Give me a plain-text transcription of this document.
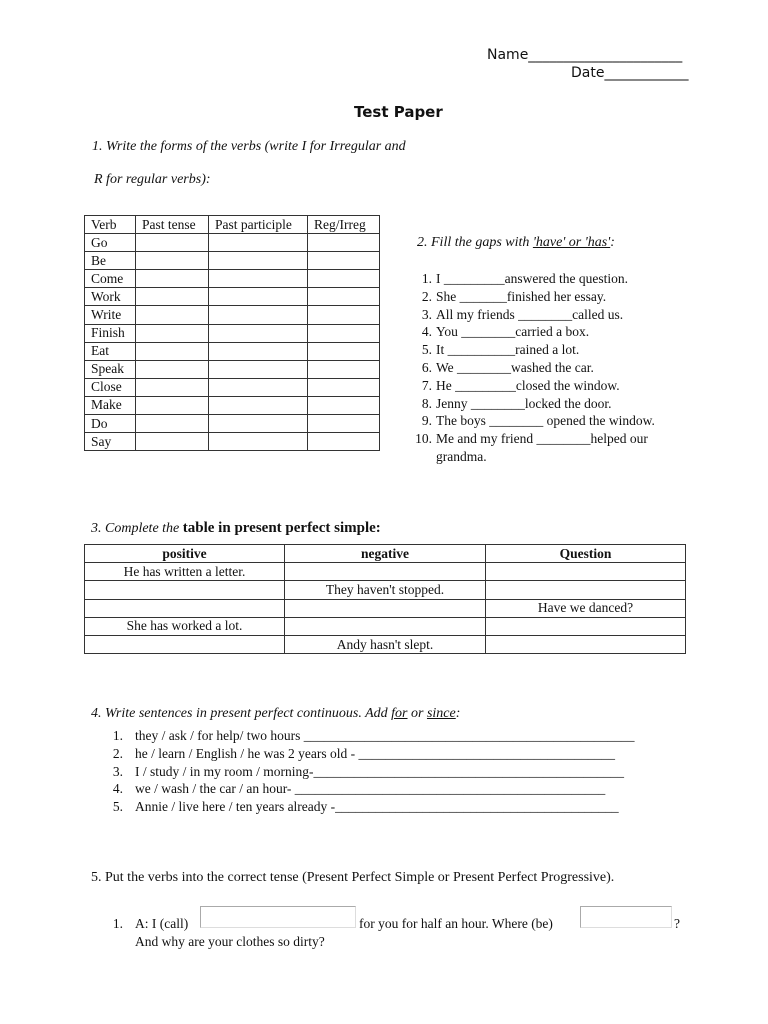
Name______________________
Date____________
Test Paper
1. Write the forms of the verbs (write I for Irregular and
R for regular verbs):
Verb	Past tense	Past participle	Reg/Irreg
Go			
Be			
Come			
Work			
Write			
Finish			
Eat			
Speak			
Close			
Make			
Do			
Say			
2. Fill the gaps with 'have' or 'has':
1. I _________answered the question.
2. She _______finished her essay.
3. All my friends ________called us.
4. You ________carried a box.
5. It __________rained a lot.
6. We ________washed the car.
7. He _________closed the window.
8. Jenny ________locked the door.
9. The boys ________ opened the window.
10. Me and my friend ________helped our
grandma.
3. Complete the table in present perfect simple:
positive	negative	Question
He has written a letter.		
	They haven't stopped.	
		Have we danced?
She has worked a lot.		
	Andy hasn't slept.	
4. Write sentences in present perfect continuous. Add for or since:
1. they / ask / for help/ two hours _________________________________________________
2. he / learn / English / he was 2 years old - ______________________________________
3. I / study / in my room / morning-______________________________________________
4. we / wash / the car / an hour- ______________________________________________
5. Annie / live here / ten years already -__________________________________________
5. Put the verbs into the correct tense (Present Perfect Simple or Present Perfect Progressive).
1. A: I (call)	for you for half an hour. Where (be)	?
And why are your clothes so dirty?
